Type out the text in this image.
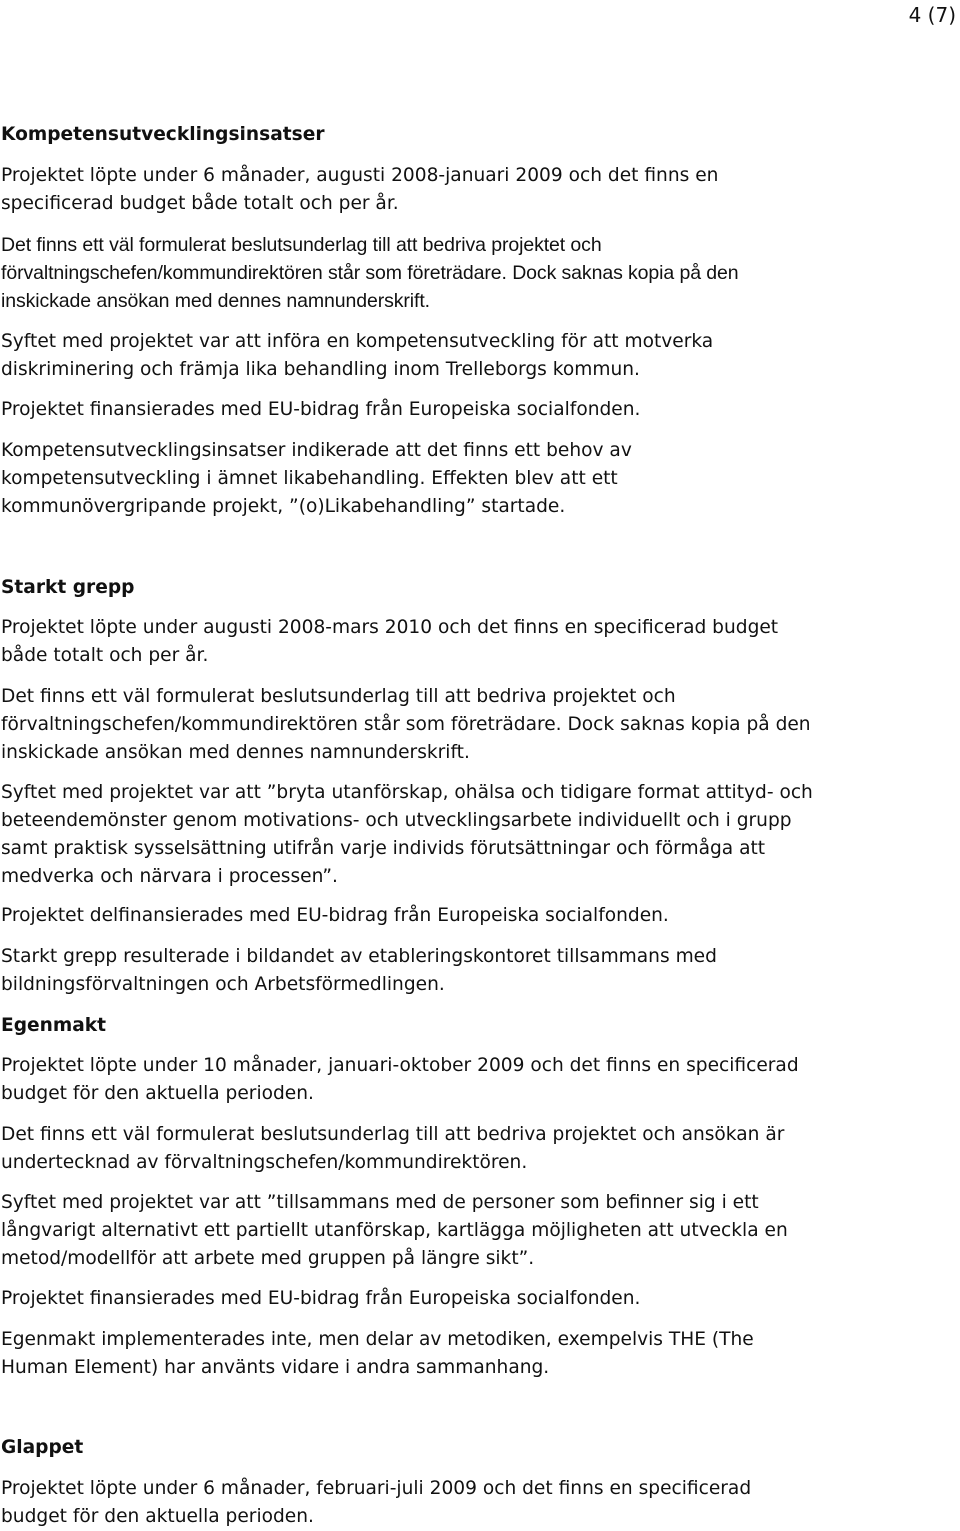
4 (7)
Kompetensutvecklingsinsatser

Projektet löpte under 6 månader, augusti 2008-januari 2009 och det finns en
specificerad budget både totalt och per år.

Det finns ett väl formulerat beslutsunderlag till att bedriva projektet och
förvaltningschefen/kommundirektören står som företrädare. Dock saknas kopia på den
inskickade ansökan med dennes namnunderskrift.

Syftet med projektet var att införa en kompetensutveckling för att motverka
diskriminering och främja lika behandling inom Trelleborgs kommun.

Projektet finansierades med EU-bidrag från Europeiska socialfonden.

Kompetensutvecklingsinsatser indikerade att det finns ett behov av
kompetensutveckling i ämnet likabehandling. Effekten blev att ett
kommunövergripande projekt, ”(o)Likabehandling” startade.

Starkt grepp

Projektet löpte under augusti 2008-mars 2010 och det finns en specificerad budget
både totalt och per år.

Det finns ett väl formulerat beslutsunderlag till att bedriva projektet och
förvaltningschefen/kommundirektören står som företrädare. Dock saknas kopia på den
inskickade ansökan med dennes namnunderskrift.

Syftet med projektet var att ”bryta utanförskap, ohälsa och tidigare format attityd- och
beteendemönster genom motivations- och utvecklingsarbete individuellt och i grupp
samt praktisk sysselsättning utifrån varje individs förutsättningar och förmåga att
medverka och närvara i processen”.

Projektet delfinansierades med EU-bidrag från Europeiska socialfonden.

Starkt grepp resulterade i bildandet av etableringskontoret tillsammans med
bildningsförvaltningen och Arbetsförmedlingen.

Egenmakt

Projektet löpte under 10 månader, januari-oktober 2009 och det finns en specificerad
budget för den aktuella perioden.

Det finns ett väl formulerat beslutsunderlag till att bedriva projektet och ansökan är
undertecknad av förvaltningschefen/kommundirektören.

Syftet med projektet var att ”tillsammans med de personer som befinner sig i ett
långvarigt alternativt ett partiellt utanförskap, kartlägga möjligheten att utveckla en
metod/modellför att arbete med gruppen på längre sikt”.

Projektet finansierades med EU-bidrag från Europeiska socialfonden.

Egenmakt implementerades inte, men delar av metodiken, exempelvis THE (The
Human Element) har använts vidare i andra sammanhang.

Glappet

Projektet löpte under 6 månader, februari-juli 2009 och det finns en specificerad
budget för den aktuella perioden.
